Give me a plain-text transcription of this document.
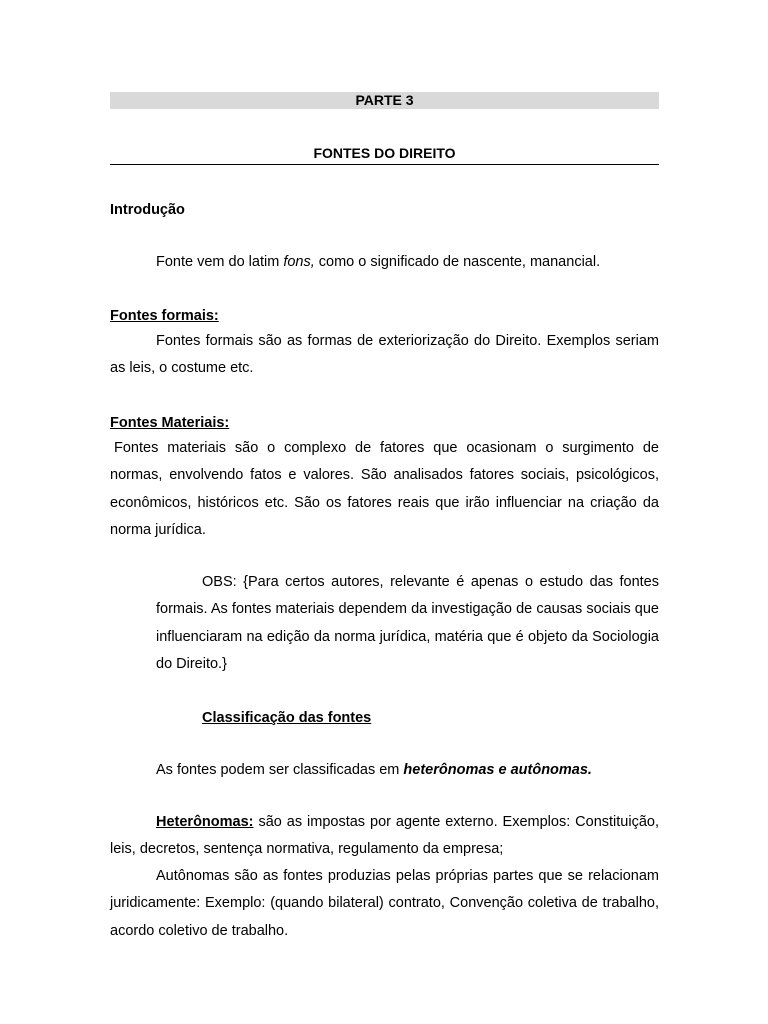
PARTE 3
FONTES DO DIREITO
Introdução
Fonte vem do latim fons, como o significado de nascente, manancial.
Fontes formais:
Fontes formais são as formas de exteriorização do Direito. Exemplos seriam as leis, o costume etc.
Fontes Materiais:
Fontes materiais são o complexo de fatores que ocasionam o surgimento de normas, envolvendo fatos e valores. São analisados fatores sociais, psicológicos, econômicos, históricos etc. São os fatores reais que irão influenciar na criação da norma jurídica.
OBS: {Para certos autores, relevante é apenas o estudo das fontes formais. As fontes materiais dependem da investigação de causas sociais que influenciaram na edição da norma jurídica, matéria que é objeto da Sociologia do Direito.}
Classificação das fontes
As fontes podem ser classificadas em heterônomas e autônomas.
Heterônomas: são as impostas por agente externo. Exemplos: Constituição, leis, decretos, sentença normativa, regulamento da empresa;
Autônomas são as fontes produzias pelas próprias partes que se relacionam juridicamente: Exemplo: (quando bilateral) contrato, Convenção coletiva de trabalho, acordo coletivo de trabalho.
